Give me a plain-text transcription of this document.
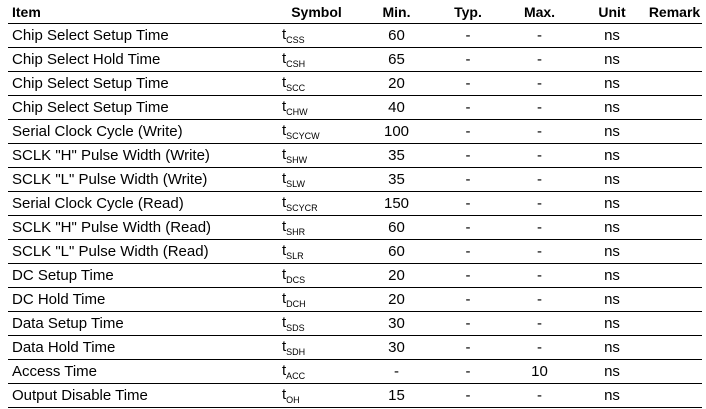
Item	Symbol	Min.	Typ.	Max.	Unit	Remark
Chip Select Setup Time	$t_{CSS}$	60	-	-	ns	
Chip Select Hold Time	$t_{CSH}$	65	-	-	ns	
Chip Select Setup Time	$t_{SCC}$	20	-	-	ns	
Chip Select Setup Time	$t_{CHW}$	40	-	-	ns	
Serial Clock Cycle (Write)	$t_{SCYCW}$	100	-	-	ns	
SCLK "H" Pulse Width (Write)	$t_{SHW}$	35	-	-	ns	
SCLK "L" Pulse Width (Write)	$t_{SLW}$	35	-	-	ns	
Serial Clock Cycle (Read)	$t_{SCYCR}$	150	-	-	ns	
SCLK "H" Pulse Width (Read)	$t_{SHR}$	60	-	-	ns	
SCLK "L" Pulse Width (Read)	$t_{SLR}$	60	-	-	ns	
DC Setup Time	$t_{DCS}$	20	-	-	ns	
DC Hold Time	$t_{DCH}$	20	-	-	ns	
Data Setup Time	$t_{SDS}$	30	-	-	ns	
Data Hold Time	$t_{SDH}$	30	-	-	ns	
Access Time	$t_{ACC}$	-	-	10	ns	
Output Disable Time	$t_{OH}$	15	-	-	ns	
